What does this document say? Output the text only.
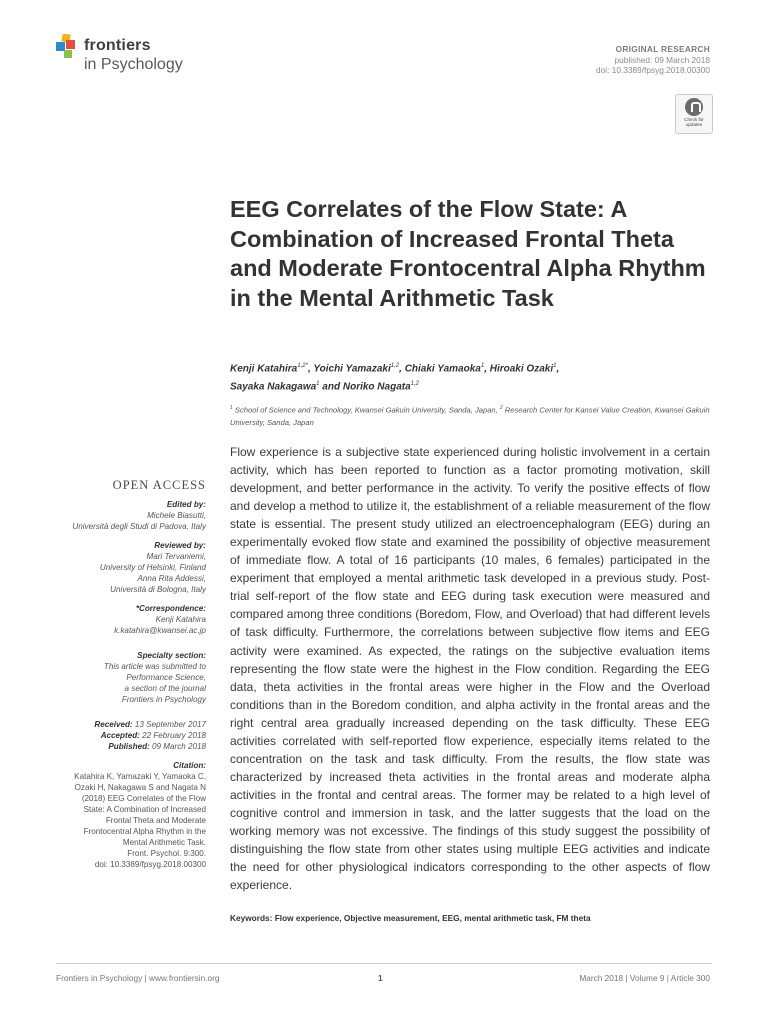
frontiers
in Psychology
ORIGINAL RESEARCH
published: 09 March 2018
doi: 10.3389/fpsyg.2018.00300
Check for updates
EEG Correlates of the Flow State: A Combination of Increased Frontal Theta and Moderate Frontocentral Alpha Rhythm in the Mental Arithmetic Task
Kenji Katahira$^{1,2*}$, Yoichi Yamazaki$^{1,2}$, Chiaki Yamaoka$^1$, Hiroaki Ozaki$^1$,
Sayaka Nakagawa$^1$ and Noriko Nagata$^{1,2}$
$^1$ School of Science and Technology, Kwansei Gakuin University, Sanda, Japan, $^2$ Research Center for Kansei Value Creation, Kwansei Gakuin University, Sanda, Japan
OPEN ACCESS
Edited by:
Michele Biasutti,
Università degli Studi di Padova, Italy
Reviewed by:
Mari Tervaniemi,
University of Helsinki, Finland
Anna Rita Addessi,
Università di Bologna, Italy
*Correspondence:
Kenji Katahira
k.katahira@kwansei.ac.jp
Specialty section:
This article was submitted to
Performance Science,
a section of the journal
Frontiers in Psychology
Received: 13 September 2017
Accepted: 22 February 2018
Published: 09 March 2018
Citation:
Katahira K, Yamazaki Y, Yamaoka C,
Ozaki H, Nakagawa S and Nagata N
(2018) EEG Correlates of the Flow
State: A Combination of Increased
Frontal Theta and Moderate
Frontocentral Alpha Rhythm in the
Mental Arithmetic Task.
Front. Psychol. 9:300.
doi: 10.3389/fpsyg.2018.00300
Flow experience is a subjective state experienced during holistic involvement in a certain activity, which has been reported to function as a factor promoting motivation, skill development, and better performance in the activity. To verify the positive effects of flow and develop a method to utilize it, the establishment of a reliable measurement of the flow state is essential. The present study utilized an electroencephalogram (EEG) during an experimentally evoked flow state and examined the possibility of objective measurement of immediate flow. A total of 16 participants (10 males, 6 females) participated in the experiment that employed a mental arithmetic task developed in a previous study. Post-trial self-report of the flow state and EEG during task execution were measured and compared among three conditions (Boredom, Flow, and Overload) that had different levels of task difficulty. Furthermore, the correlations between subjective flow items and EEG activity were examined. As expected, the ratings on the subjective evaluation items representing the flow state were the highest in the Flow condition. Regarding the EEG data, theta activities in the frontal areas were higher in the Flow and the Overload conditions than in the Boredom condition, and alpha activity in the frontal areas and the right central area gradually increased depending on the task difficulty. These EEG activities correlated with self-reported flow experience, especially items related to the concentration on the task and task difficulty. From the results, the flow state was characterized by increased theta activities in the frontal areas and moderate alpha activities in the frontal and central areas. The former may be related to a high level of cognitive control and immersion in task, and the latter suggests that the load on the working memory was not excessive. The findings of this study suggest the possibility of distinguishing the flow state from other states using multiple EEG activities and indicate the need for other physiological indicators corresponding to the other aspects of flow experience.
Keywords: Flow experience, Objective measurement, EEG, mental arithmetic task, FM theta
Frontiers in Psychology | www.frontiersin.org	1	March 2018 | Volume 9 | Article 300
